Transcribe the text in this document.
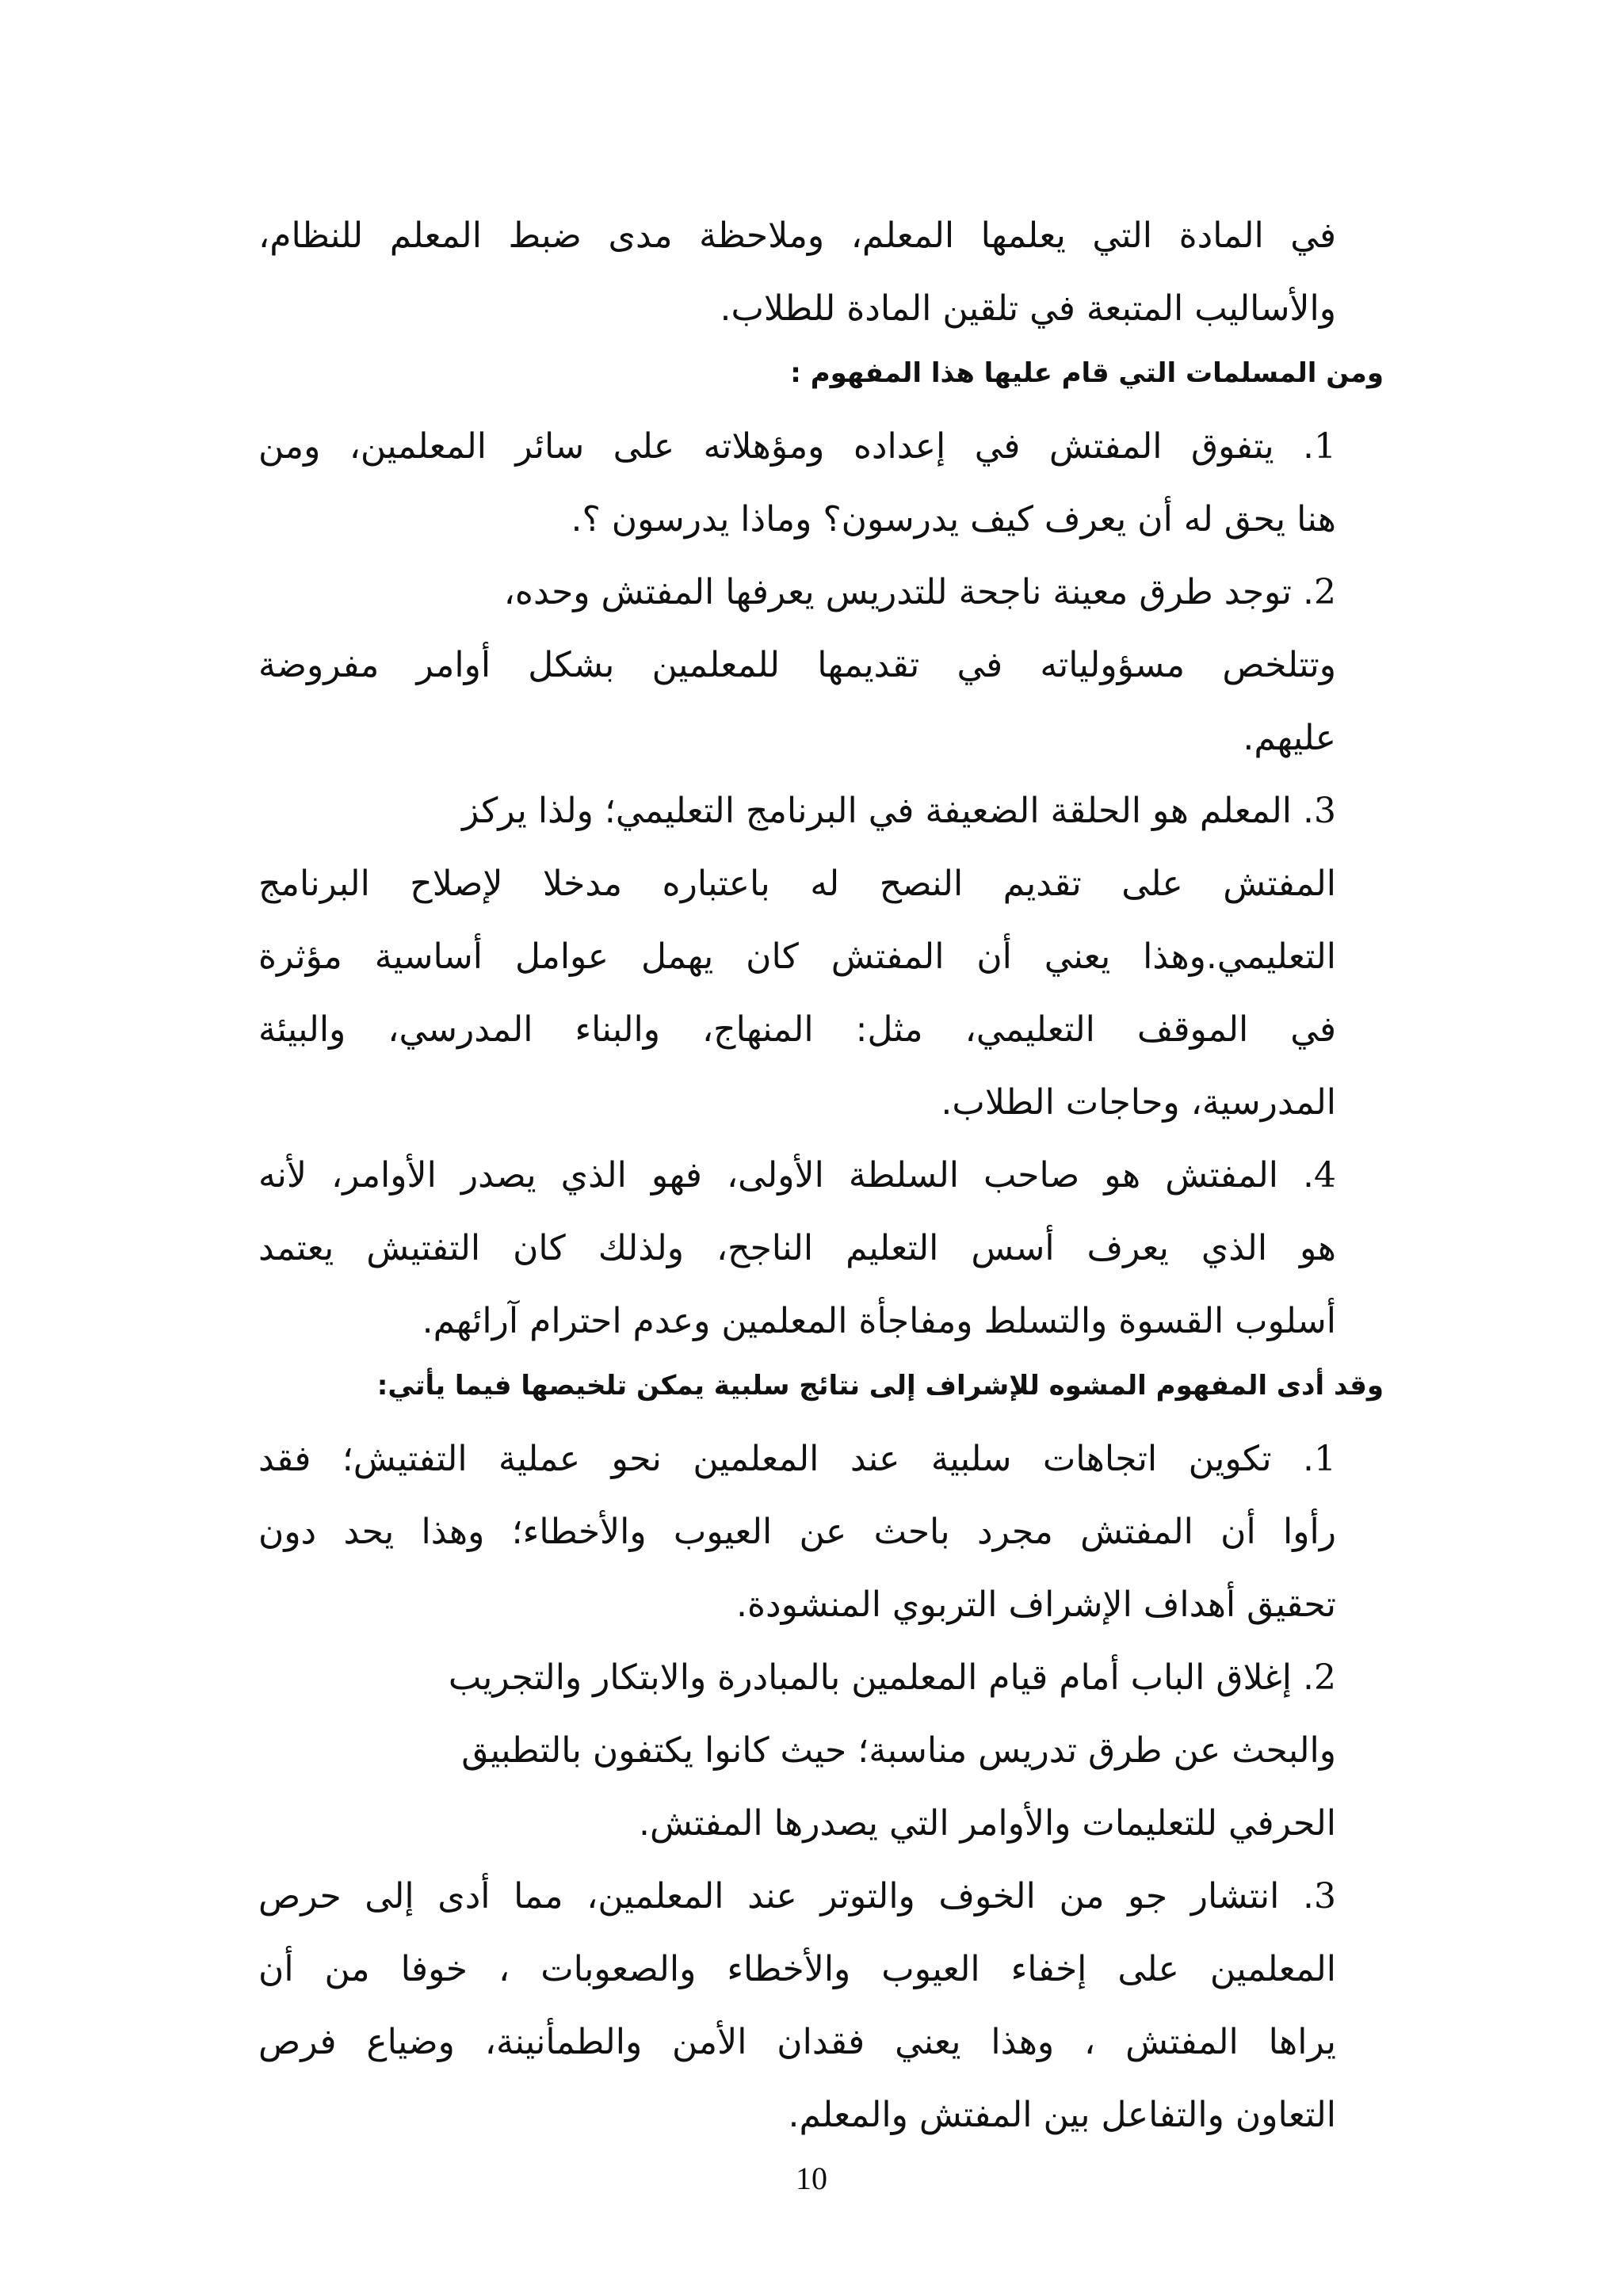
في المادة التي يعلمها المعلم، وملاحظة مدى ضبط المعلم للنظام،

والأساليب المتبعة في تلقين المادة للطلاب.

ومن المسلمات التي قام عليها هذا المفهوم :

1. يتفوق المفتش في إعداده ومؤهلاته على سائر المعلمين، ومن

هنا يحق له أن يعرف كيف يدرسون؟ وماذا يدرسون ؟.

2. توجد طرق معينة ناجحة للتدريس يعرفها المفتش وحده،

وتتلخص مسؤولياته في تقديمها للمعلمين بشكل أوامر مفروضة

عليهم.

3. المعلم هو الحلقة الضعيفة في البرنامج التعليمي؛ ولذا يركز

المفتش على تقديم النصح له باعتباره مدخلا لإصلاح البرنامج

التعليمي.وهذا يعني أن المفتش كان يهمل عوامل أساسية مؤثرة

في الموقف التعليمي، مثل: المنهاج، والبناء المدرسي، والبيئة

المدرسية، وحاجات الطلاب.

4. المفتش هو صاحب السلطة الأولى، فهو الذي يصدر الأوامر، لأنه

هو الذي يعرف أسس التعليم الناجح، ولذلك كان التفتيش يعتمد

أسلوب القسوة والتسلط ومفاجأة المعلمين وعدم احترام آرائهم.

وقد أدى المفهوم المشوه للإشراف إلى نتائج سلبية يمكن تلخيصها فيما يأتي:

1. تكوين اتجاهات سلبية عند المعلمين نحو عملية التفتيش؛ فقد

رأوا أن المفتش مجرد باحث عن العيوب والأخطاء؛ وهذا يحد دون

تحقيق أهداف الإشراف التربوي المنشودة.

2. إغلاق الباب أمام قيام المعلمين بالمبادرة والابتكار والتجريب

والبحث عن طرق تدريس مناسبة؛ حيث كانوا يكتفون بالتطبيق

الحرفي للتعليمات والأوامر التي يصدرها المفتش.

3. انتشار جو من الخوف والتوتر عند المعلمين، مما أدى إلى حرص

المعلمين على إخفاء العيوب والأخطاء والصعوبات ، خوفا من أن

يراها المفتش ، وهذا يعني فقدان الأمن والطمأنينة، وضياع فرص

التعاون والتفاعل بين المفتش والمعلم.

10
